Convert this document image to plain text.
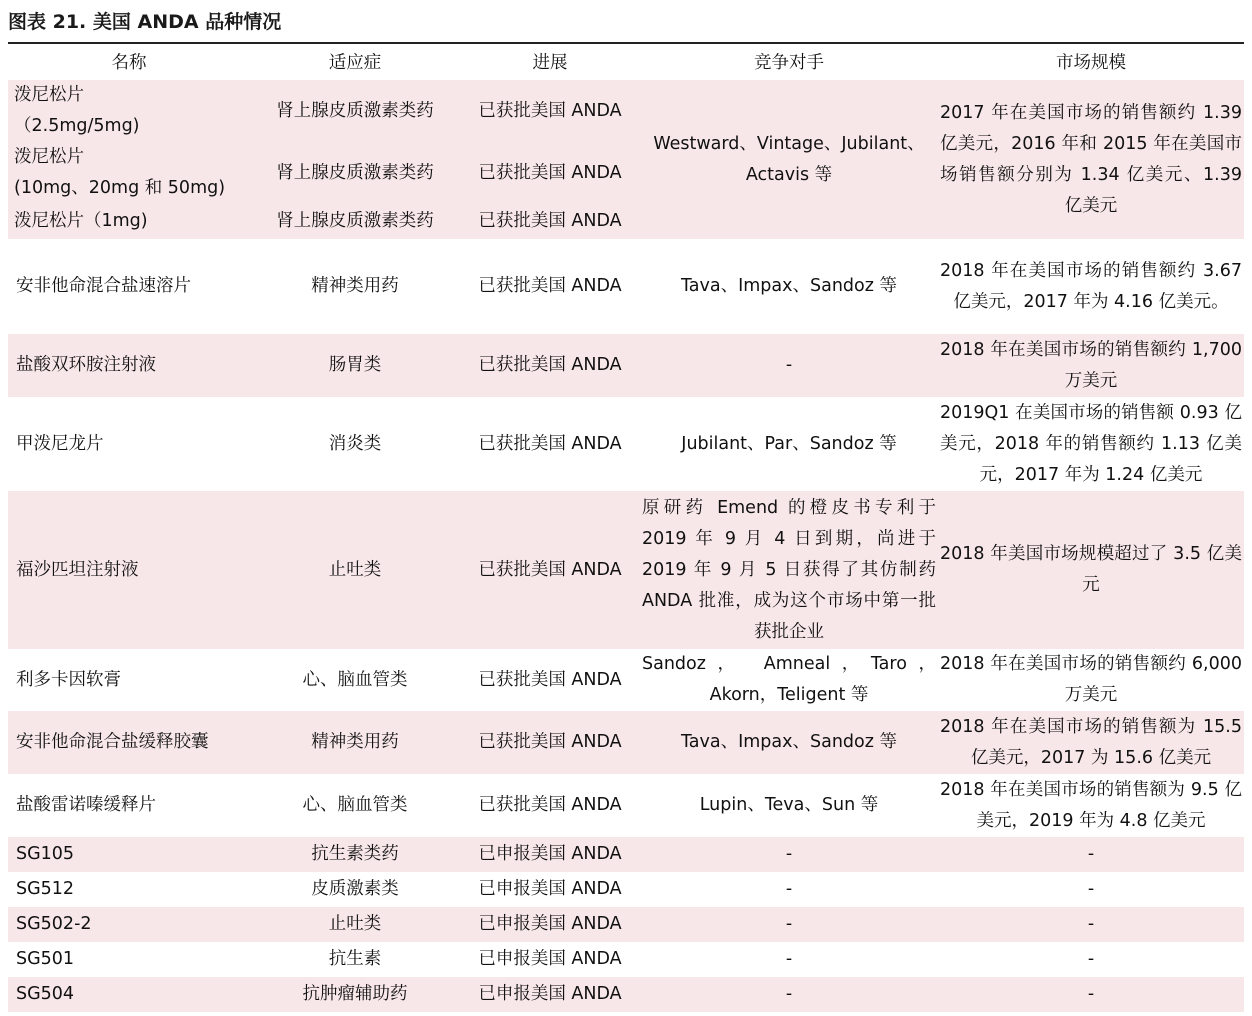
图表 21. 美国 ANDA 品种情况
名称	适应症	进展	竞争对手	市场规模

泼尼松片
（2.5mg/5mg)	肾上腺皮质激素类药	已获批美国 ANDA	Westward、Vintage、Jubilant、Actavis 等	2017 年在美国市场的销售额约 1.39 亿美元，2016 年和 2015 年在美国市场销售额分别为 1.34 亿美元、1.39 亿美元

泼尼松片
(10mg、20mg 和 50mg)	肾上腺皮质激素类药	已获批美国 ANDA		
泼尼松片（1mg)	肾上腺皮质激素类药	已获批美国 ANDA		
安非他命混合盐速溶片	精神类用药	已获批美国 ANDA	Tava、Impax、Sandoz 等	2018 年在美国市场的销售额约 3.67 亿美元，2017 年为 4.16 亿美元。
盐酸双环胺注射液	肠胃类	已获批美国 ANDA	-	2018 年在美国市场的销售额约 1,700 万美元
甲泼尼龙片	消炎类	已获批美国 ANDA	Jubilant、Par、Sandoz 等	2019Q1 在美国市场的销售额 0.93 亿美元，2018 年的销售额约 1.13 亿美元，2017 年为 1.24 亿美元
福沙匹坦注射液	止吐类	已获批美国 ANDA	原研药 Emend 的橙皮书专利于 2019 年 9 月 4 日到期，尚进于 2019 年 9 月 5 日获得了其仿制药 ANDA 批准，成为这个市场中第一批获批企业	2018 年美国市场规模超过了 3.5 亿美元
利多卡因软膏	心、脑血管类	已获批美国 ANDA	Sandoz， Amneal，Taro， Akorn，Teligent 等	2018 年在美国市场的销售额约 6,000 万美元
安非他命混合盐缓释胶囊	精神类用药	已获批美国 ANDA	Tava、Impax、Sandoz 等	2018 年在美国市场的销售额为 15.5 亿美元，2017 为 15.6 亿美元
盐酸雷诺嗪缓释片	心、脑血管类	已获批美国 ANDA	Lupin、Teva、Sun 等	2018 年在美国市场的销售额为 9.5 亿美元，2019 年为 4.8 亿美元
SG105	抗生素类药	已申报美国 ANDA	-	-
SG512	皮质激素类	已申报美国 ANDA	-	-
SG502-2	止吐类	已申报美国 ANDA	-	-
SG501	抗生素	已申报美国 ANDA	-	-
SG504	抗肿瘤辅助药	已申报美国 ANDA	-	-
